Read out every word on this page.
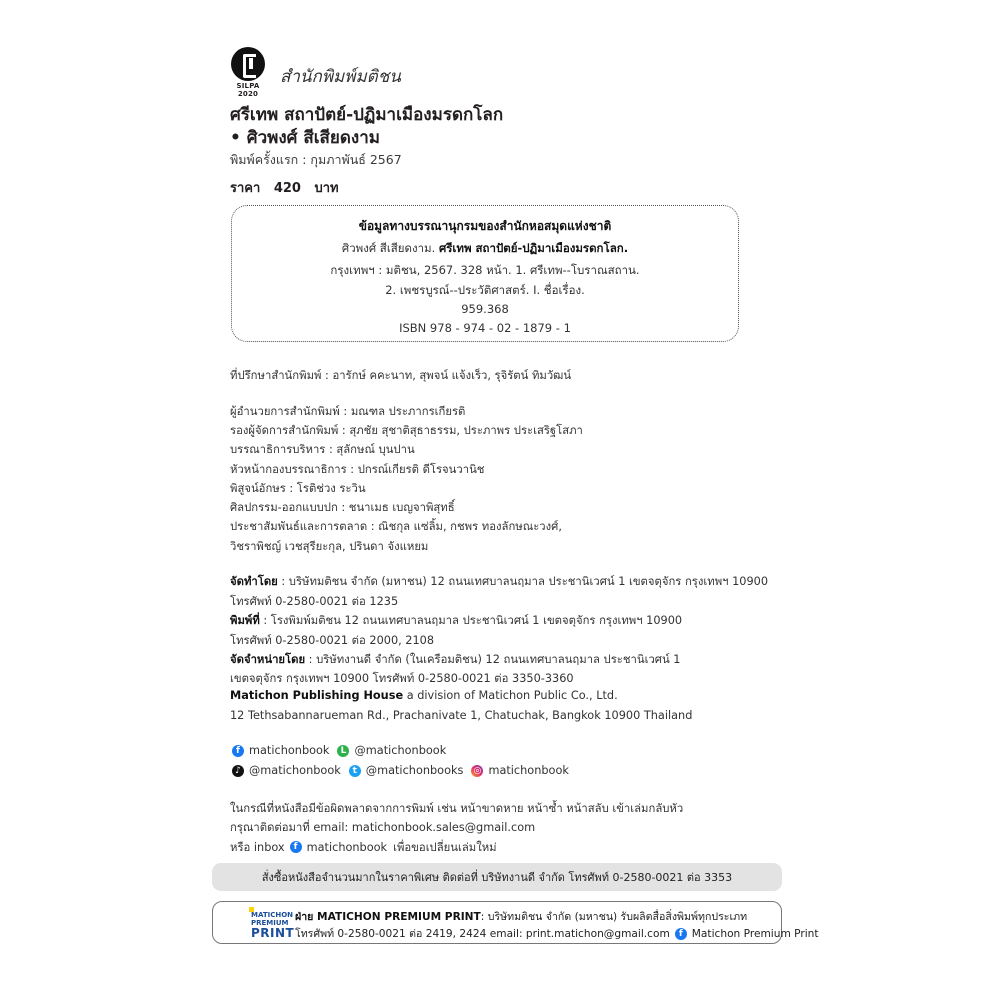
SILPA 2020
สำนักพิมพ์มติชน
ศรีเทพ สถาปัตย์-ปฏิมาเมืองมรดกโลก
• ศิวพงศ์ สีเสียดงาม
พิมพ์ครั้งแรก : กุมภาพันธ์ 2567
ราคา 420 บาท
ข้อมูลทางบรรณานุกรมของสำนักหอสมุดแห่งชาติ
ศิวพงศ์ สีเสียดงาม. ศรีเทพ สถาปัตย์-ปฏิมาเมืองมรดกโลก.
กรุงเทพฯ : มติชน, 2567. 328 หน้า. 1. ศรีเทพ--โบราณสถาน.
2. เพชรบูรณ์--ประวัติศาสตร์. I. ชื่อเรื่อง.
959.368
ISBN 978 - 974 - 02 - 1879 - 1
ที่ปรึกษาสำนักพิมพ์ : อารักษ์ คคะนาท, สุพจน์ แจ้งเร็ว, รุจิรัตน์ ทิมวัฒน์
ผู้อำนวยการสำนักพิมพ์ : มณฑล ประภากรเกียรติ
รองผู้จัดการสำนักพิมพ์ : สุภชัย สุชาติสุธาธรรม, ประภาพร ประเสริฐโสภา
บรรณาธิการบริหาร : สุลักษณ์ บุนปาน
หัวหน้ากองบรรณาธิการ : ปกรณ์เกียรติ ดีโรจนวานิช
พิสูจน์อักษร : โรติช่วง ระวิน
ศิลปกรรม-ออกแบบปก : ชนาเมธ เบญจาพิสุทธิ์
ประชาสัมพันธ์และการตลาด : ณิชกุล แซ่ลิ้ม, กชพร ทองลักษณะวงศ์,
วิชราพิชญ์ เวชสุรียะกุล, ปรินดา จังแหยม
จัดทำโดย : บริษัทมติชน จำกัด (มหาชน) 12 ถนนเทศบาลนฤมาล ประชานิเวศน์ 1 เขตจตุจักร กรุงเทพฯ 10900
โทรศัพท์ 0-2580-0021 ต่อ 1235
พิมพ์ที่ : โรงพิมพ์มติชน 12 ถนนเทศบาลนฤมาล ประชานิเวศน์ 1 เขตจตุจักร กรุงเทพฯ 10900
โทรศัพท์ 0-2580-0021 ต่อ 2000, 2108
จัดจำหน่ายโดย : บริษัทงานดี จำกัด (ในเครือมติชน) 12 ถนนเทศบาลนฤมาล ประชานิเวศน์ 1
เขตจตุจักร กรุงเทพฯ 10900 โทรศัพท์ 0-2580-0021 ต่อ 3350-3360
Matichon Publishing House a division of Matichon Public Co., Ltd.
12 Tethsabannarueman Rd., Prachanivate 1, Chatuchak, Bangkok 10900 Thailand
f matichonbook	L @matichonbook
♪ @matichonbook	t @matichonbooks ◎ matichonbook
ในกรณีที่หนังสือมีข้อผิดพลาดจากการพิมพ์ เช่น หน้าขาดหาย หน้าซ้ำ หน้าสลับ เข้าเล่มกลับหัว
กรุณาติดต่อมาที่ email: matichonbook.sales@gmail.com
หรือ inbox	f matichonbook เพื่อขอเปลี่ยนเล่มใหม่
สั่งซื้อหนังสือจำนวนมากในราคาพิเศษ ติดต่อที่ บริษัทงานดี จำกัด โทรศัพท์ 0-2580-0021 ต่อ 3353
MATICHON
PREMIUM
PRINT
ฝ่าย MATICHON PREMIUM PRINT : บริษัทมติชน จำกัด (มหาชน) รับผลิตสื่อสิ่งพิมพ์ทุกประเภท
โทรศัพท์ 0-2580-0021 ต่อ 2419, 2424 email: print.matichon@gmail.com	f Matichon Premium Print
